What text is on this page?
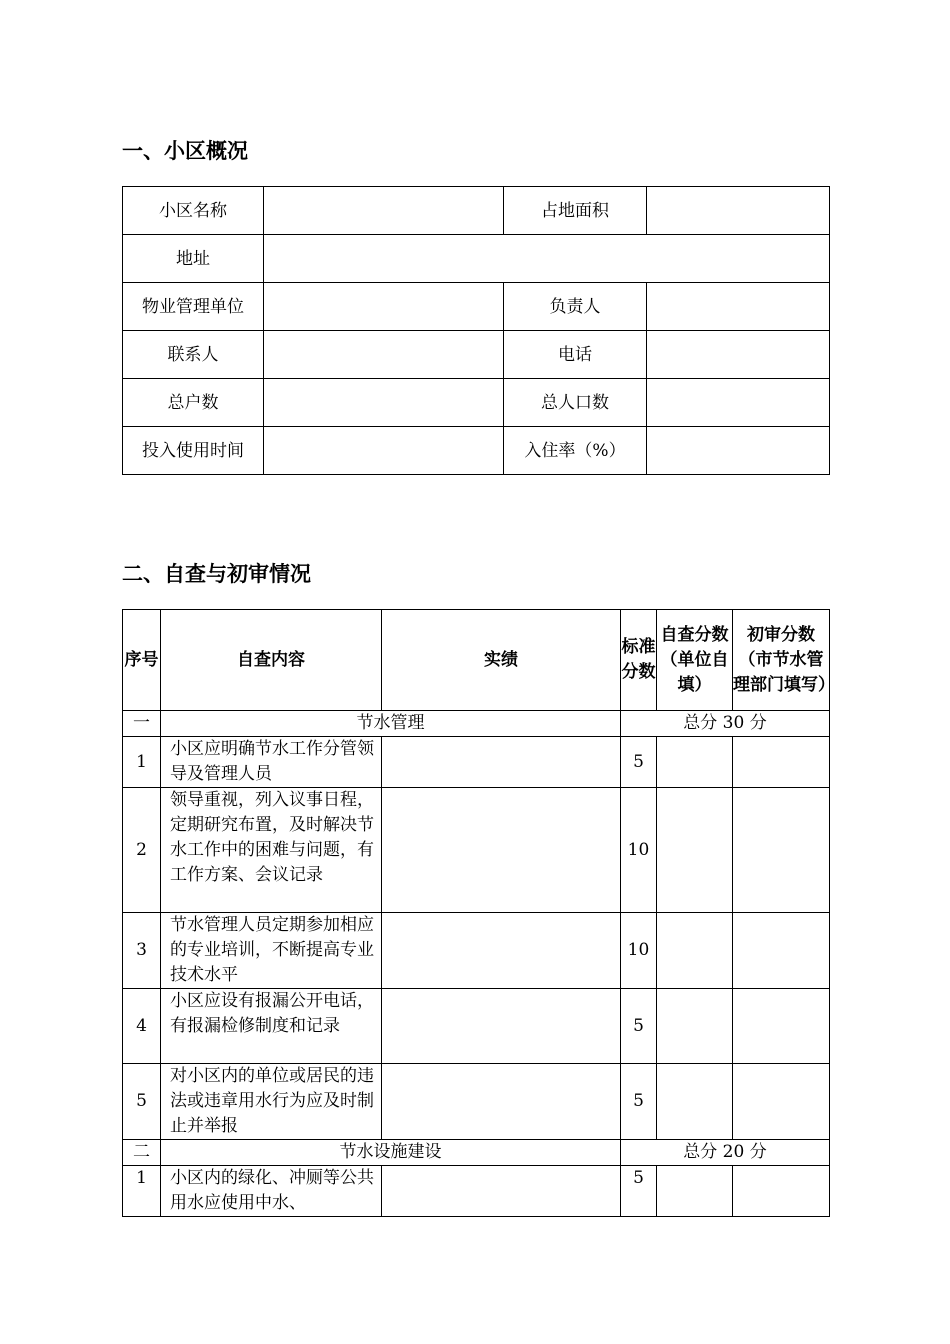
一、小区概况
小区名称		占地面积	
地址			
物业管理单位		负责人	
联系人		电话	
总户数		总人口数	
投入使用时间		入住率（%）	
二、自查与初审情况
序号	自查内容	实绩	标准分数	自查分数（单位自填）	初审分数（市节水管理部门填写）
一	节水管理		总分 30 分		
1	小区应明确节水工作分管领导及管理人员		5		
2	领导重视，列入议事日程，定期研究布置，及时解决节水工作中的困难与问题，有工作方案、会议记录		10		
3	节水管理人员定期参加相应的专业培训，不断提高专业技术水平		10		
4	小区应设有报漏公开电话，有报漏检修制度和记录		5		
5	对小区内的单位或居民的违法或违章用水行为应及时制止并举报		5		
二	节水设施建设		总分 20 分		
1	小区内的绿化、冲厕等公共用水应使用中水、		5		
